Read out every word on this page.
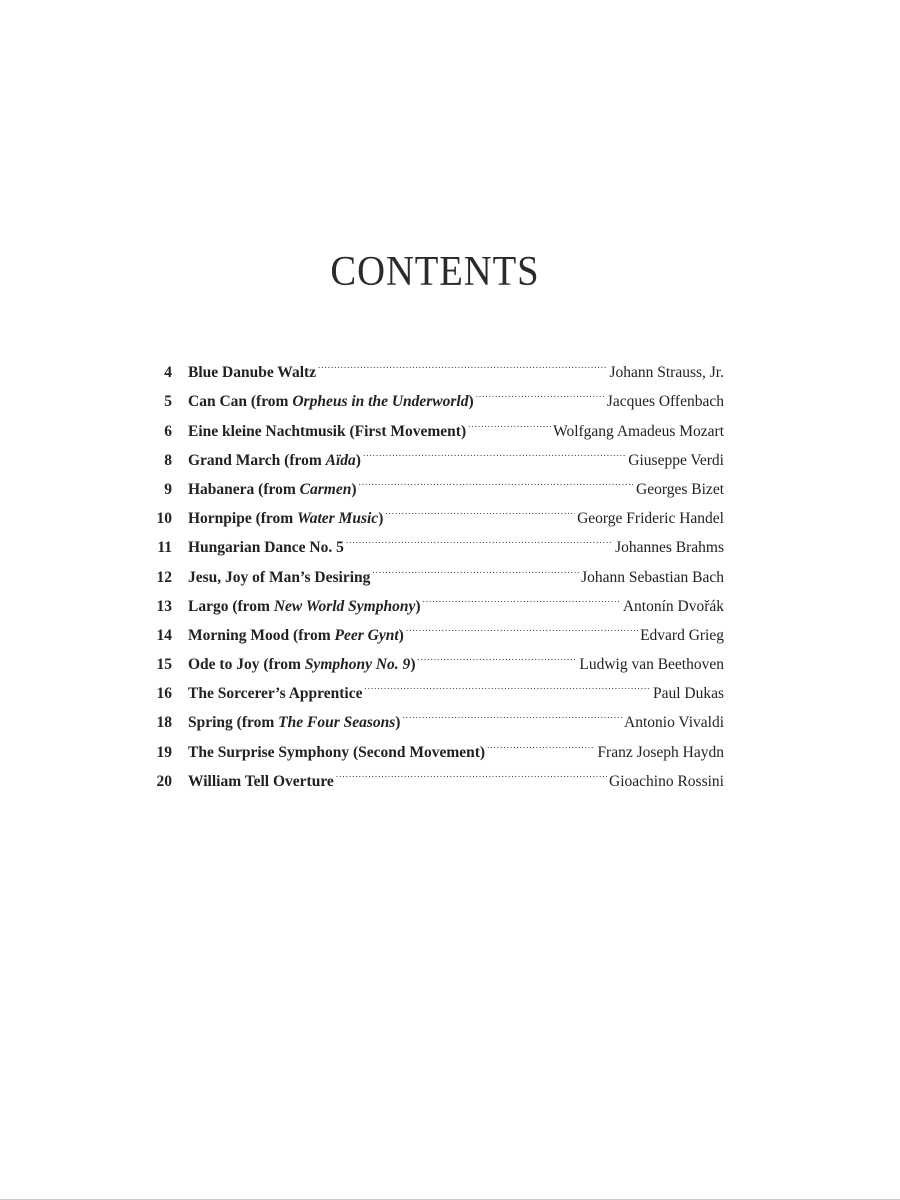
CONTENTS
4 Blue Danube Waltz .....	Johann Strauss, Jr.
5 Can Can (from Orpheus in the Underworld) .....	Jacques Offenbach
6 Eine kleine Nachtmusik (First Movement) .....	Wolfgang Amadeus Mozart
8 Grand March (from Aïda) .....	Giuseppe Verdi
9 Habanera (from Carmen) .....	Georges Bizet
10 Hornpipe (from Water Music) .....	George Frideric Handel
11 Hungarian Dance No. 5 .....	Johannes Brahms
12 Jesu, Joy of Man’s Desiring .....	Johann Sebastian Bach
13 Largo (from New World Symphony) .....	Antonín Dvořák
14 Morning Mood (from Peer Gynt) .....	Edvard Grieg
15 Ode to Joy (from Symphony No. 9) .....	Ludwig van Beethoven
16 The Sorcerer’s Apprentice .....	Paul Dukas
18 Spring (from The Four Seasons) .....	Antonio Vivaldi
19 The Surprise Symphony (Second Movement) .....	Franz Joseph Haydn
20 William Tell Overture .....	Gioachino Rossini
